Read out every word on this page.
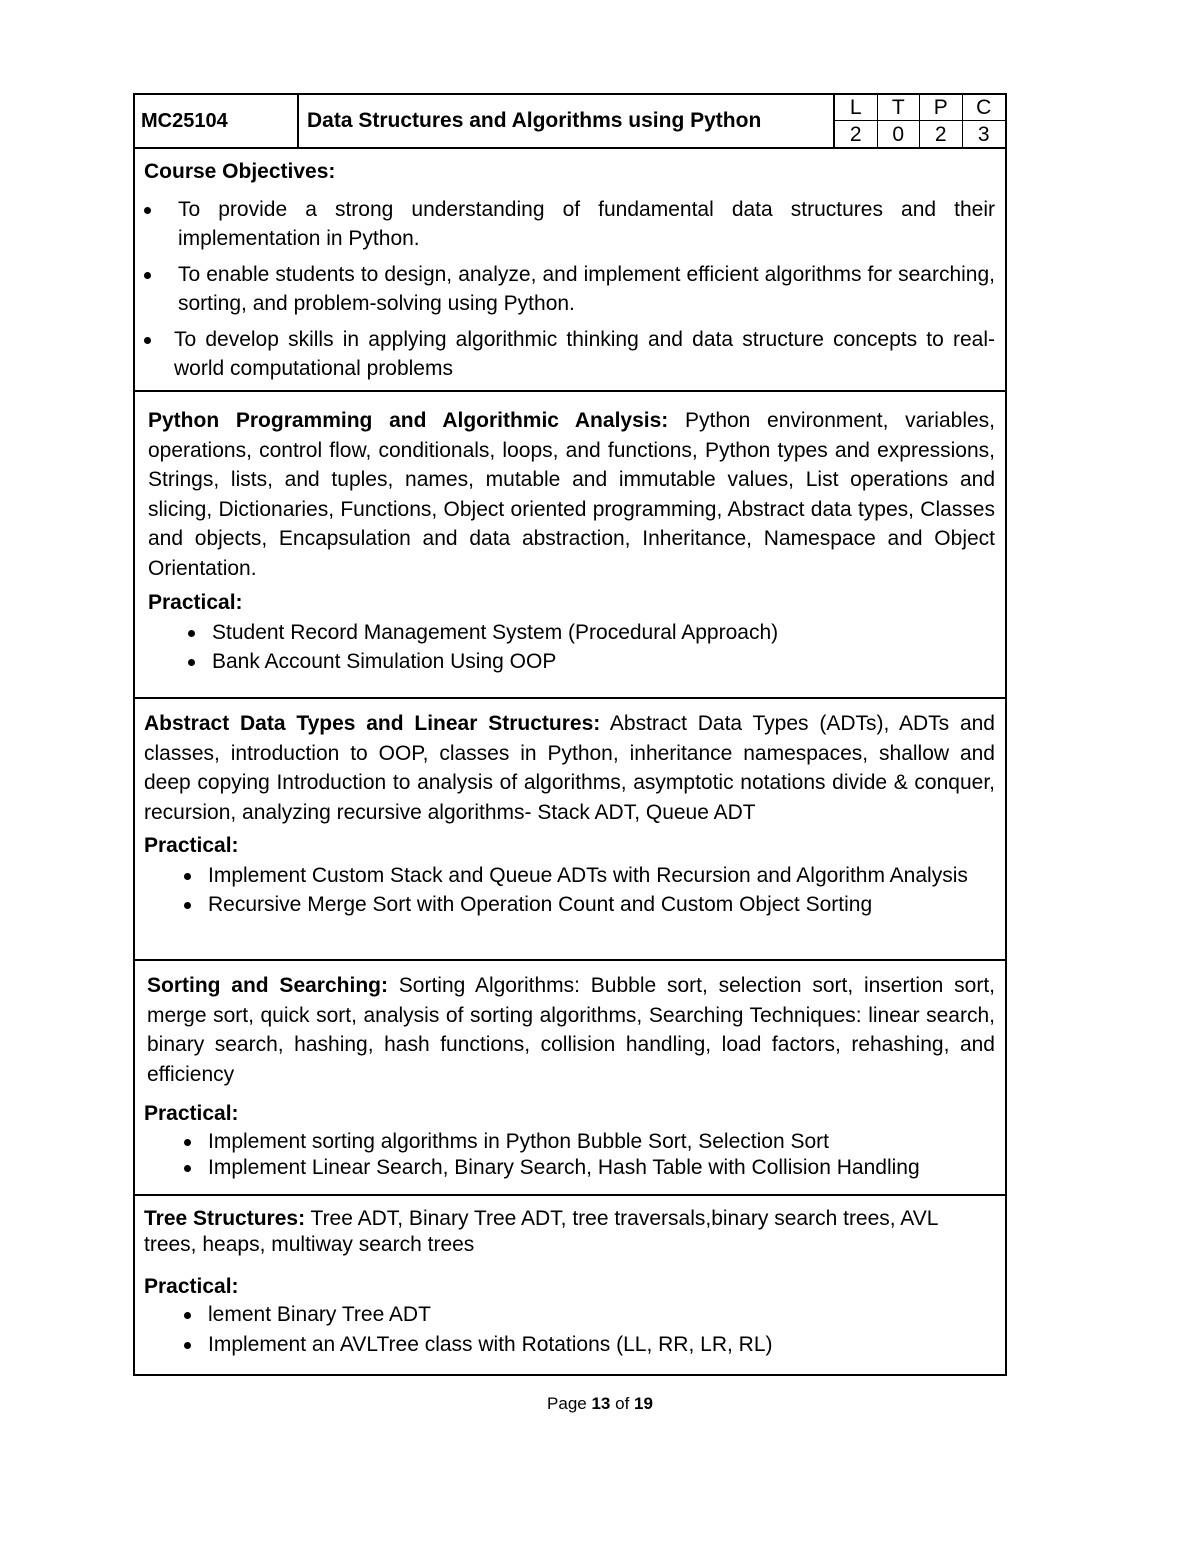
MC25104	Data Structures and Algorithms using Python
L	T	P	C
2	0	2	3
Course Objectives:
To provide a strong understanding of fundamental data structures and their implementation in Python.
To enable students to design, analyze, and implement efficient algorithms for searching, sorting, and problem-solving using Python.
To develop skills in applying algorithmic thinking and data structure concepts to real-world computational problems
Python Programming and Algorithmic Analysis: Python environment, variables, operations, control flow, conditionals, loops, and functions, Python types and expressions, Strings, lists, and tuples, names, mutable and immutable values, List operations and slicing, Dictionaries, Functions, Object oriented programming, Abstract data types, Classes and objects, Encapsulation and data abstraction, Inheritance, Namespace and Object Orientation.
Practical:
Student Record Management System (Procedural Approach)
Bank Account Simulation Using OOP
Abstract Data Types and Linear Structures: Abstract Data Types (ADTs), ADTs and classes, introduction to OOP, classes in Python, inheritance namespaces, shallow and deep copying Introduction to analysis of algorithms, asymptotic notations divide & conquer, recursion, analyzing recursive algorithms- Stack ADT, Queue ADT
Practical:
Implement Custom Stack and Queue ADTs with Recursion and Algorithm Analysis
Recursive Merge Sort with Operation Count and Custom Object Sorting
Sorting and Searching: Sorting Algorithms: Bubble sort, selection sort, insertion sort, merge sort, quick sort, analysis of sorting algorithms, Searching Techniques: linear search, binary search, hashing, hash functions, collision handling, load factors, rehashing, and efficiency
Practical:
Implement sorting algorithms in Python Bubble Sort, Selection Sort
Implement Linear Search, Binary Search, Hash Table with Collision Handling
Tree Structures: Tree ADT, Binary Tree ADT, tree traversals,binary search trees, AVL trees, heaps, multiway search trees
Practical:
lement Binary Tree ADT
Implement an AVLTree class with Rotations (LL, RR, LR, RL)
Page 13 of 19
